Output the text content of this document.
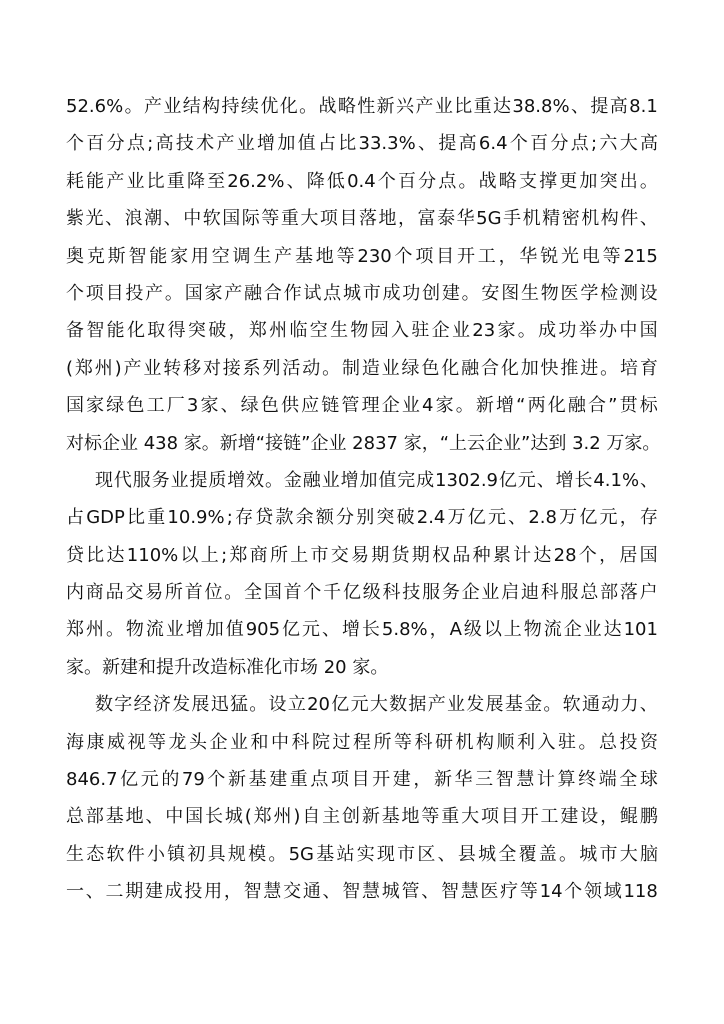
52.6% 。 产 业 结 构 持 续 优 化 。 战 略 性 新 兴 产 业 比 重 达 38.8% 、 提 高 8.1
个 百 分 点 ; 高 技 术 产 业 增 加 值 占 比 33.3% 、 提 高 6.4 个 百 分 点 ; 六 大 高
耗 能 产 业 比 重 降 至 26.2% 、 降 低 0.4 个 百 分 点 。 战 略 支 撑 更 加 突 出 。
紫 光 、 浪 潮 、 中 软 国 际 等 重 大 项 目 落 地 ， 富 泰 华 5G 手 机 精 密 机 构 件 、
奥 克 斯 智 能 家 用 空 调 生 产 基 地 等 230 个 项 目 开 工 ， 华 锐 光 电 等 215
个 项 目 投 产 。 国 家 产 融 合 作 试 点 城 市 成 功 创 建 。 安 图 生 物 医 学 检 测 设
备 智 能 化 取 得 突 破 ， 郑 州 临 空 生 物 园 入 驻 企 业 23 家 。 成 功 举 办 中 国
( 郑 州 ) 产 业 转 移 对 接 系 列 活 动 。 制 造 业 绿 色 化 融 合 化 加 快 推 进 。 培 育
国 家 绿 色 工 厂 3 家 、 绿 色 供 应 链 管 理 企 业 4 家 。 新 增 “ 两 化 融 合 ” 贯 标
对标企业 438 家。新增“接链”企业 2837 家，“上云企业”达到 3.2 万家。
现 代 服 务 业 提 质 增 效 。 金 融 业 增 加 值 完 成 1302.9 亿 元 、 增 长 4.1% 、
占 GDP 比 重 10.9% ; 存 贷 款 余 额 分 别 突 破 2.4 万 亿 元 、 2.8 万 亿 元 ， 存
贷 比 达 110% 以 上 ; 郑 商 所 上 市 交 易 期 货 期 权 品 种 累 计 达 28 个 ， 居 国
内 商 品 交 易 所 首 位 。 全 国 首 个 千 亿 级 科 技 服 务 企 业 启 迪 科 服 总 部 落 户
郑 州 。 物 流 业 增 加 值 905 亿 元 、 增 长 5.8% ， A 级 以 上 物 流 企 业 达 101
家。新建和提升改造标准化市场 20 家。
数 字 经 济 发 展 迅 猛 。 设 立 20 亿 元 大 数 据 产 业 发 展 基 金 。 软 通 动 力 、
海 康 威 视 等 龙 头 企 业 和 中 科 院 过 程 所 等 科 研 机 构 顺 利 入 驻 。 总 投 资
846.7 亿 元 的 79 个 新 基 建 重 点 项 目 开 建 ， 新 华 三 智 慧 计 算 终 端 全 球
总 部 基 地 、 中 国 长 城 ( 郑 州 ) 自 主 创 新 基 地 等 重 大 项 目 开 工 建 设 ， 鲲 鹏
生 态 软 件 小 镇 初 具 规 模 。 5G 基 站 实 现 市 区 、 县 城 全 覆 盖 。 城 市 大 脑
一 、 二 期 建 成 投 用 ， 智 慧 交 通 、 智 慧 城 管 、 智 慧 医 疗 等 14 个 领 域 118
